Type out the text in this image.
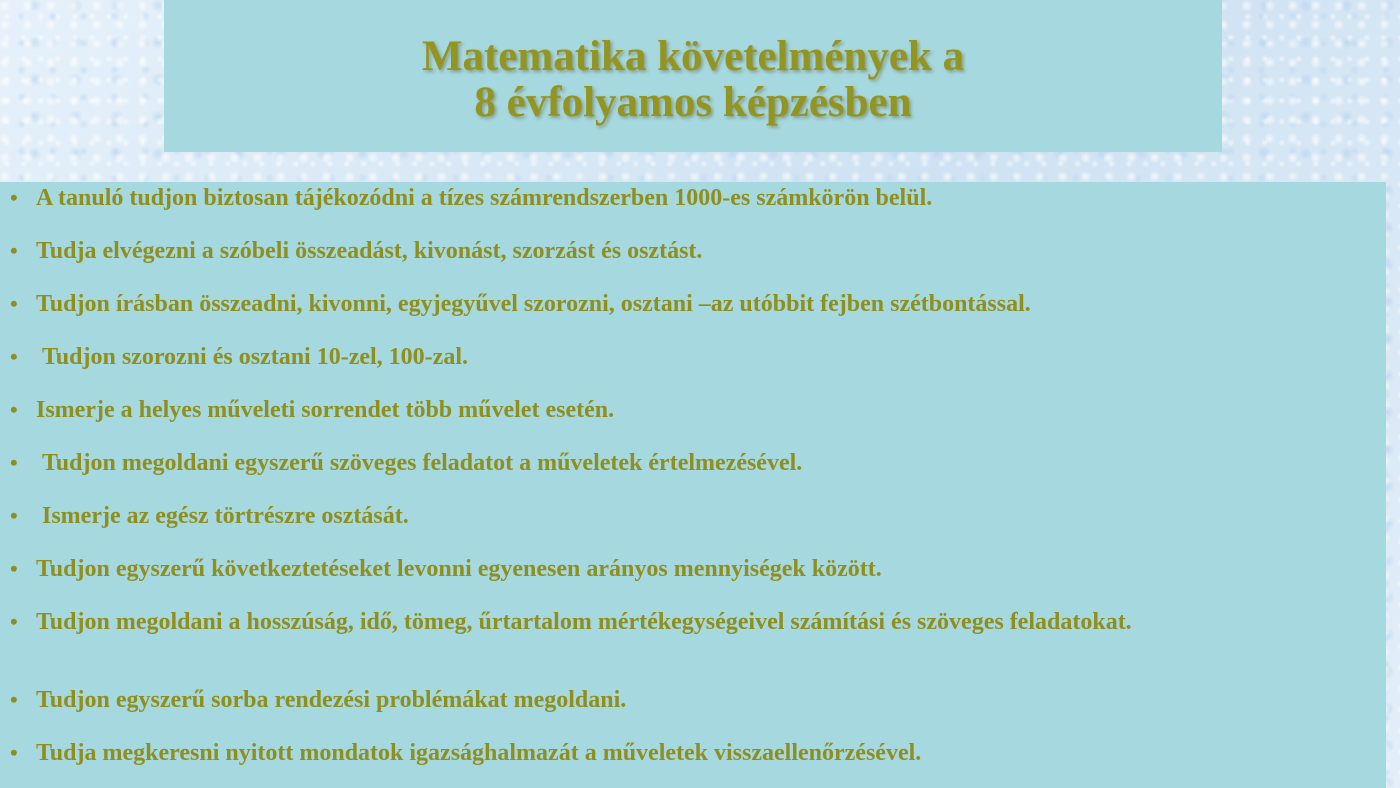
Matematika követelmények a
8 évfolyamos képzésben
• A tanuló tudjon biztosan tájékozódni a tízes számrendszerben 1000-es számkörön belül.
• Tudja elvégezni a szóbeli összeadást, kivonást, szorzást és osztást.
• Tudjon írásban összeadni, kivonni, egyjegyűvel szorozni, osztani –az utóbbit fejben szétbontással.
• Tudjon szorozni és osztani 10-zel, 100-zal.
• Ismerje a helyes műveleti sorrendet több művelet esetén.
• Tudjon megoldani egyszerű szöveges feladatot a műveletek értelmezésével.
• Ismerje az egész törtrészre osztását.
• Tudjon egyszerű következtetéseket levonni egyenesen arányos mennyiségek között.
• Tudjon megoldani a hosszúság, idő, tömeg, űrtartalom mértékegységeivel számítási és szöveges feladatokat.
• Tudjon egyszerű sorba rendezési problémákat megoldani.
• Tudja megkeresni nyitott mondatok igazsághalmazát a műveletek visszaellenőrzésével.
